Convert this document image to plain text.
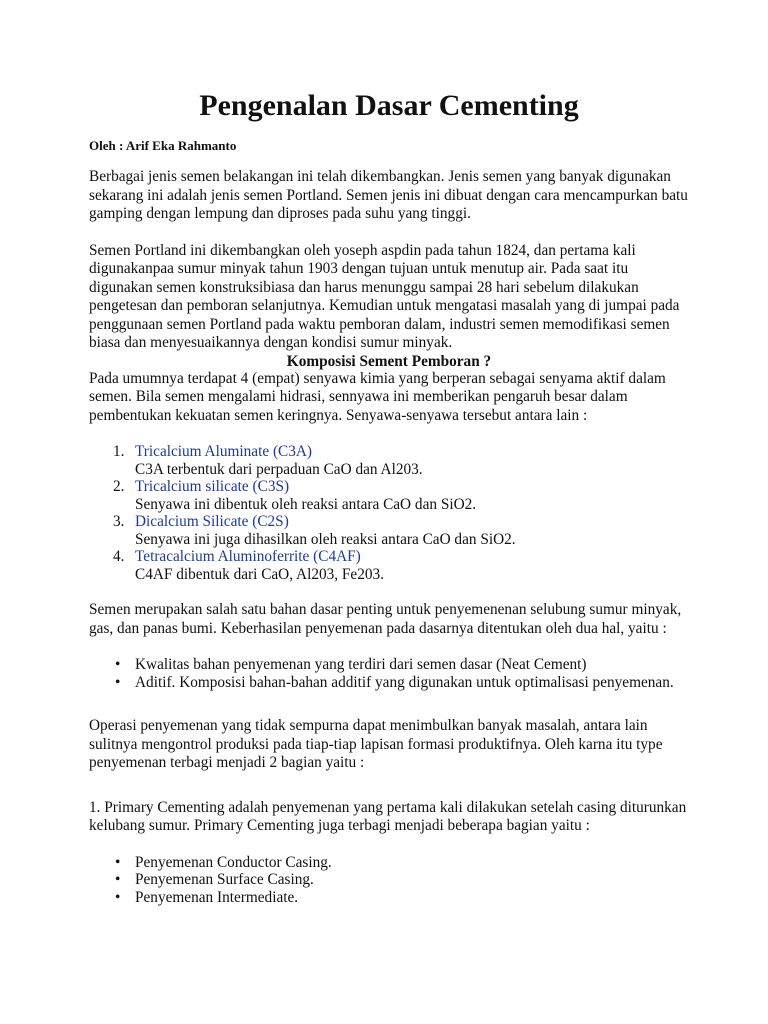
Pengenalan Dasar Cementing
Oleh : Arif Eka Rahmanto

Berbagai jenis semen belakangan ini telah dikembangkan. Jenis semen yang banyak digunakan sekarang ini adalah jenis semen Portland. Semen jenis ini dibuat dengan cara mencampurkan batu gamping dengan lempung dan diproses pada suhu yang tinggi.

Semen Portland ini dikembangkan oleh yoseph aspdin pada tahun 1824, dan pertama kali digunakanpaa sumur minyak tahun 1903 dengan tujuan untuk menutup air. Pada saat itu digunakan semen konstruksibiasa dan harus menunggu sampai 28 hari sebelum dilakukan pengetesan dan pemboran selanjutnya. Kemudian untuk mengatasi masalah yang di jumpai pada penggunaan semen Portland pada waktu pemboran dalam, industri semen memodifikasi semen biasa dan menyesuaikannya dengan kondisi sumur minyak.

Komposisi Sement Pemboran ?

Pada umumnya terdapat 4 (empat) senyawa kimia yang berperan sebagai senyama aktif dalam semen. Bila semen mengalami hidrasi, sennyawa ini memberikan pengaruh besar dalam pembentukan kekuatan semen keringnya. Senyawa-senyawa tersebut antara lain :

1. Tricalcium Aluminate (C3A)
C3A terbentuk dari perpaduan CaO dan Al203.
2. Tricalcium silicate (C3S)
Senyawa ini dibentuk oleh reaksi antara CaO dan SiO2.
3. Dicalcium Silicate (C2S)
Senyawa ini juga dihasilkan oleh reaksi antara CaO dan SiO2.
4. Tetracalcium Aluminoferrite (C4AF)
C4AF dibentuk dari CaO, Al203, Fe203.

Semen merupakan salah satu bahan dasar penting untuk penyemenenan selubung sumur minyak, gas, dan panas bumi. Keberhasilan penyemenan pada dasarnya ditentukan oleh dua hal, yaitu :

• Kwalitas bahan penyemenan yang terdiri dari semen dasar (Neat Cement)
• Aditif. Komposisi bahan-bahan additif yang digunakan untuk optimalisasi penyemenan.

Operasi penyemenan yang tidak sempurna dapat menimbulkan banyak masalah, antara lain sulitnya mengontrol produksi pada tiap-tiap lapisan formasi produktifnya. Oleh karna itu type penyemenan terbagi menjadi 2 bagian yaitu :

1. Primary Cementing adalah penyemenan yang pertama kali dilakukan setelah casing diturunkan kelubang sumur. Primary Cementing juga terbagi menjadi beberapa bagian yaitu :

• Penyemenan Conductor Casing.
• Penyemenan Surface Casing.
• Penyemenan Intermediate.
